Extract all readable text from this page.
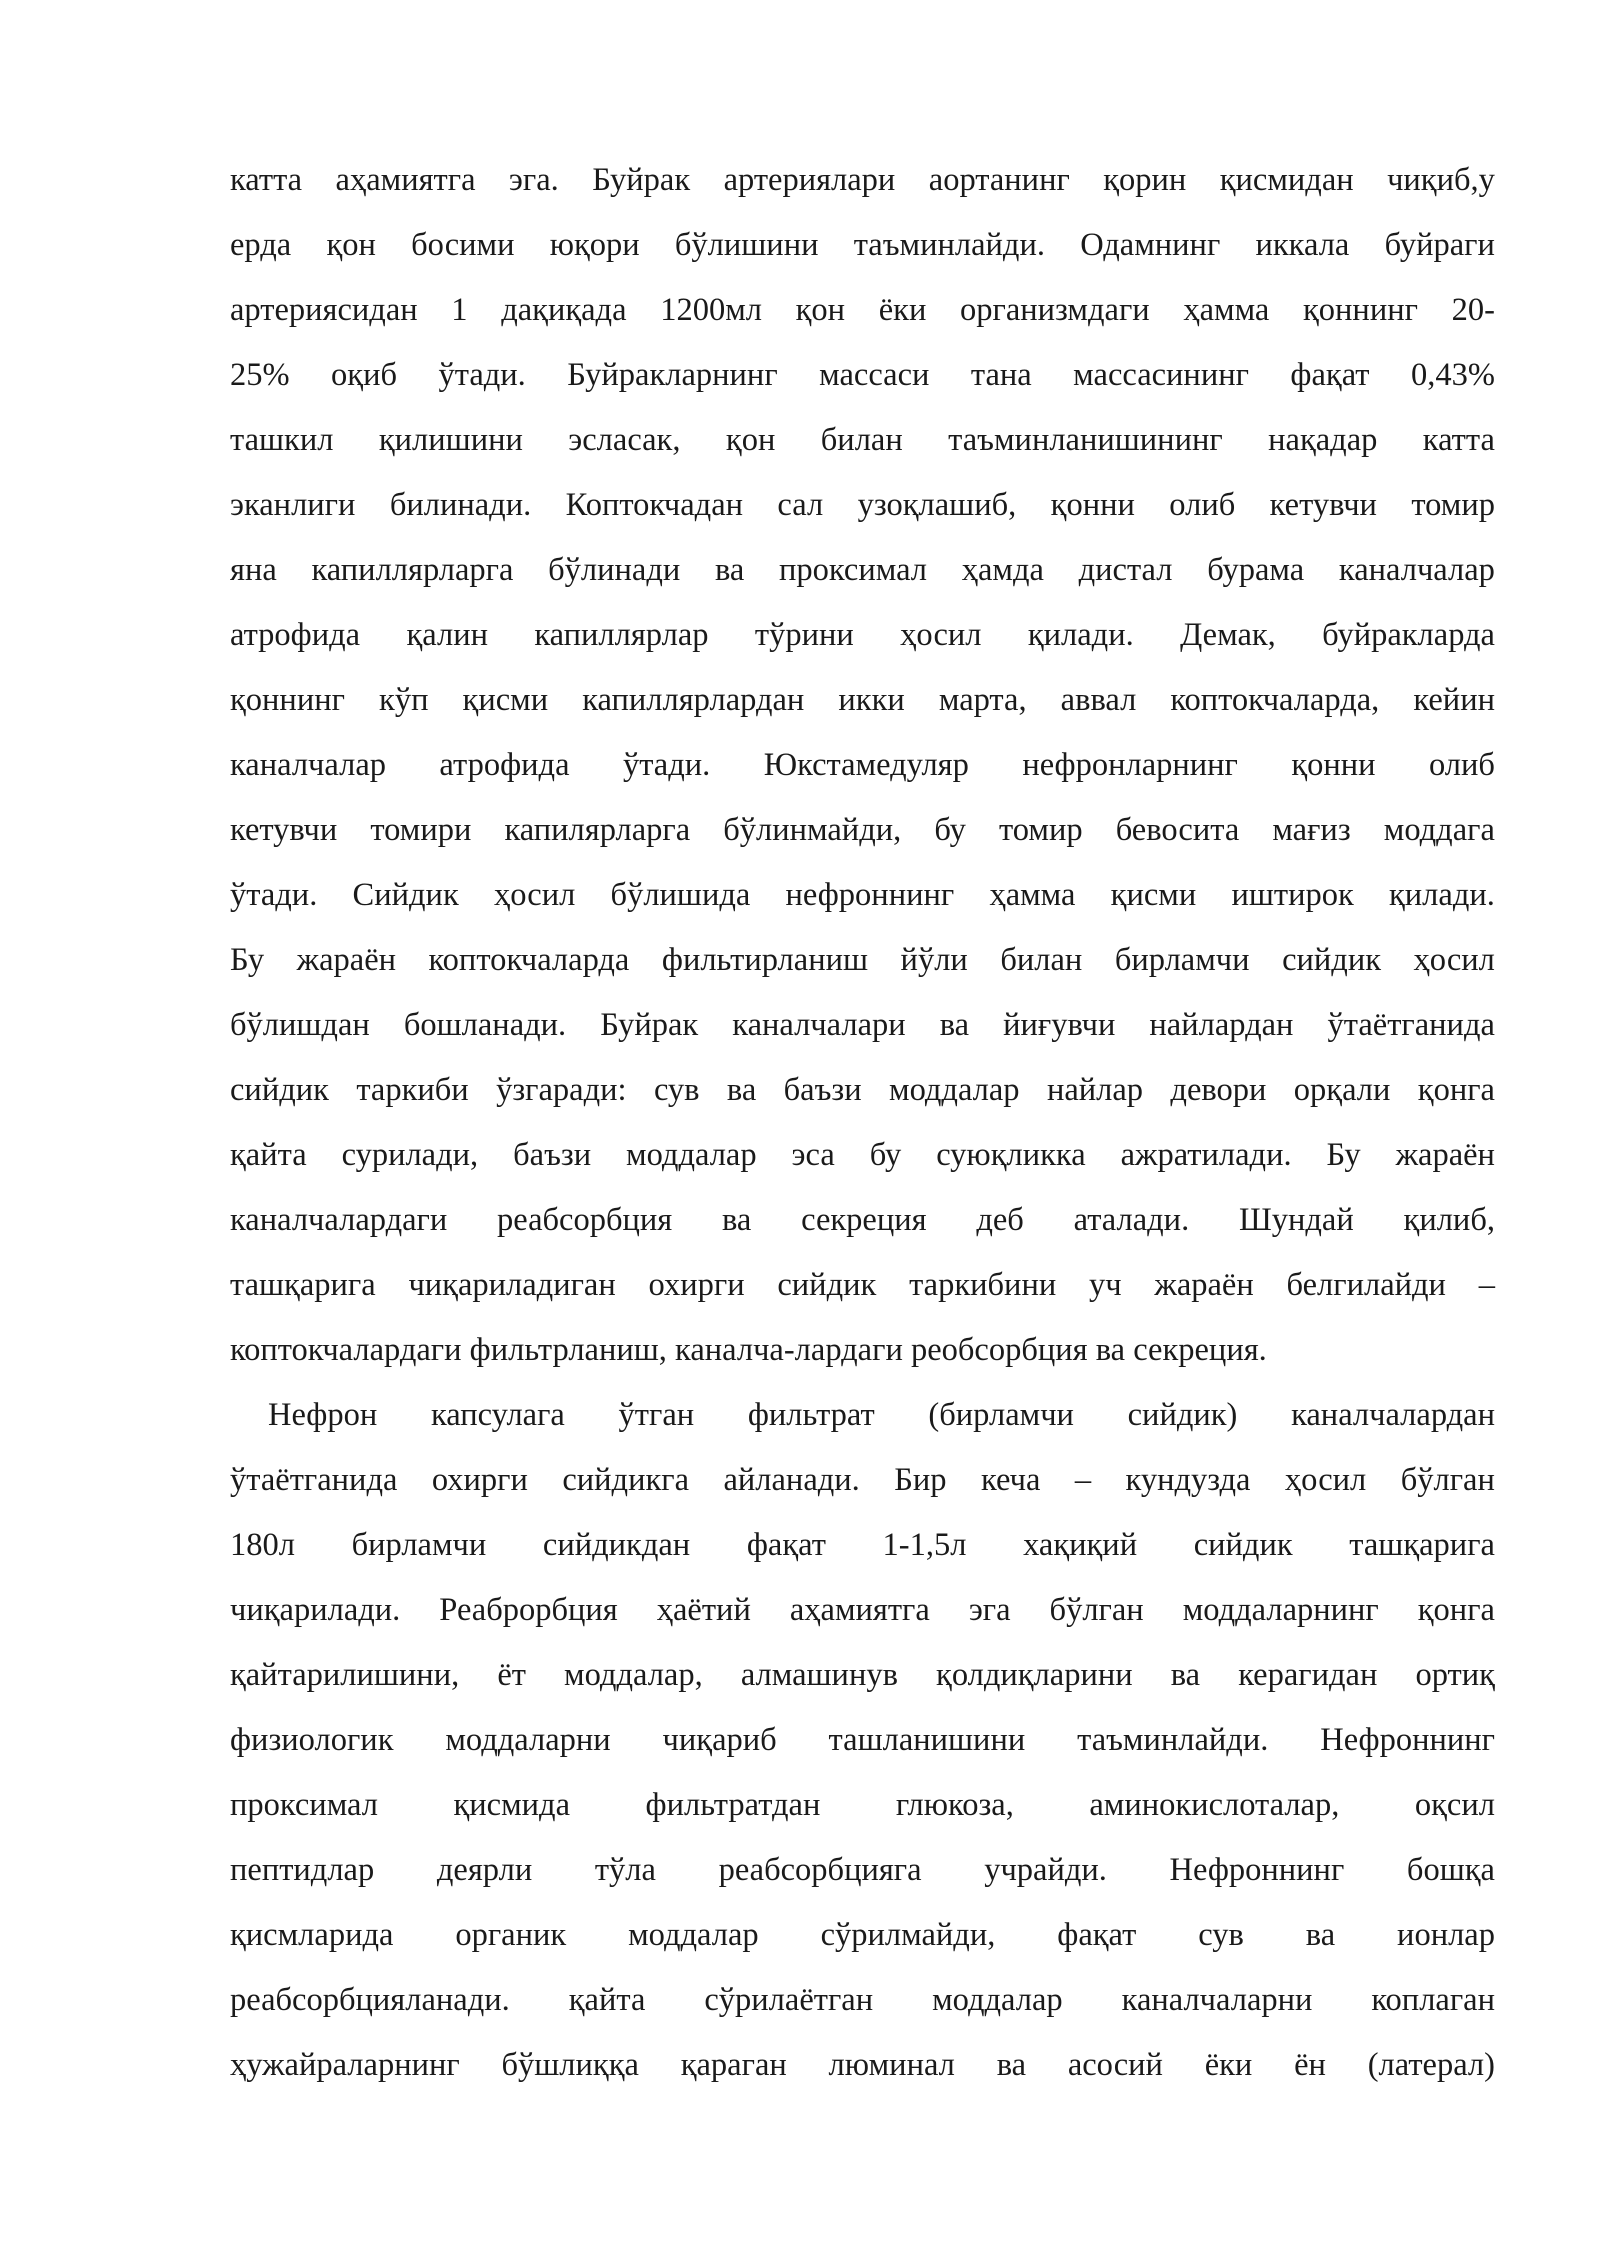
катта аҳамиятга эга. Буйрак артериялари аортанинг қорин қисмидан чиқиб,у
ерда қон босими юқори бўлишини таъминлайди. Одамнинг иккала буйраги
артериясидан 1 дақиқада 1200мл қон ёки организмдаги ҳамма қоннинг 20-
25% оқиб ўтади. Буйракларнинг массаси тана массасининг фақат 0,43%
ташкил қилишини эсласак, қон билан таъминланишининг нақадар катта
эканлиги билинади. Коптокчадан сал узоқлашиб, қонни олиб кетувчи томир
яна капиллярларга бўлинади ва проксимал ҳамда дистал бурама каналчалар
атрофида қалин капиллярлар тўрини ҳосил қилади. Демак, буйракларда
қоннинг кўп қисми капиллярлардан икки марта, аввал коптокчаларда, кейин
каналчалар атрофида ўтади. Юкстамедуляр нефронларнинг қонни олиб
кетувчи томири капилярларга бўлинмайди, бу томир бевосита мағиз моддага
ўтади. Сийдик ҳосил бўлишида нефроннинг ҳамма қисми иштирок қилади.
Бу жараён коптокчаларда фильтирланиш йўли билан бирламчи сийдик ҳосил
бўлишдан бошланади. Буйрак каналчалари ва йиғувчи найлардан ўтаётганида
сийдик таркиби ўзгаради: сув ва баъзи моддалар найлар девори орқали қонга
қайта сурилади, баъзи моддалар эса бу суюқликка ажратилади. Бу жараён
каналчалардаги реабсорбция ва секреция деб аталади. Шундай қилиб,
ташқарига чиқариладиган охирги сийдик таркибини уч жараён белгилайди –
коптокчалардаги фильтрланиш, каналча-лардаги реобсорбция ва секреция.
Нефрон капсулага ўтган фильтрат (бирламчи сийдик) каналчалардан
ўтаётганида охирги сийдикга айланади. Бир кеча – кундузда ҳосил бўлган
180л бирламчи сийдикдан фақат 1-1,5л хақиқий сийдик ташқарига
чиқарилади. Реаброрбция ҳаётий аҳамиятга эга бўлган моддаларнинг қонга
қайтарилишини, ёт моддалар, алмашинув қолдиқларини ва керагидан ортиқ
физиологик моддаларни чиқариб ташланишини таъминлайди. Нефроннинг
проксимал қисмида фильтратдан глюкоза, аминокислоталар, оқсил
пептидлар деярли тўла реабсорбцияга учрайди. Нефроннинг бошқа
қисмларида органик моддалар сўрилмайди, фақат сув ва ионлар
реабсорбцияланади. қайта сўрилаётган моддалар каналчаларни коплаган
ҳужайраларнинг бўшлиққа қараган люминал ва асосий ёки ён (латерал)
